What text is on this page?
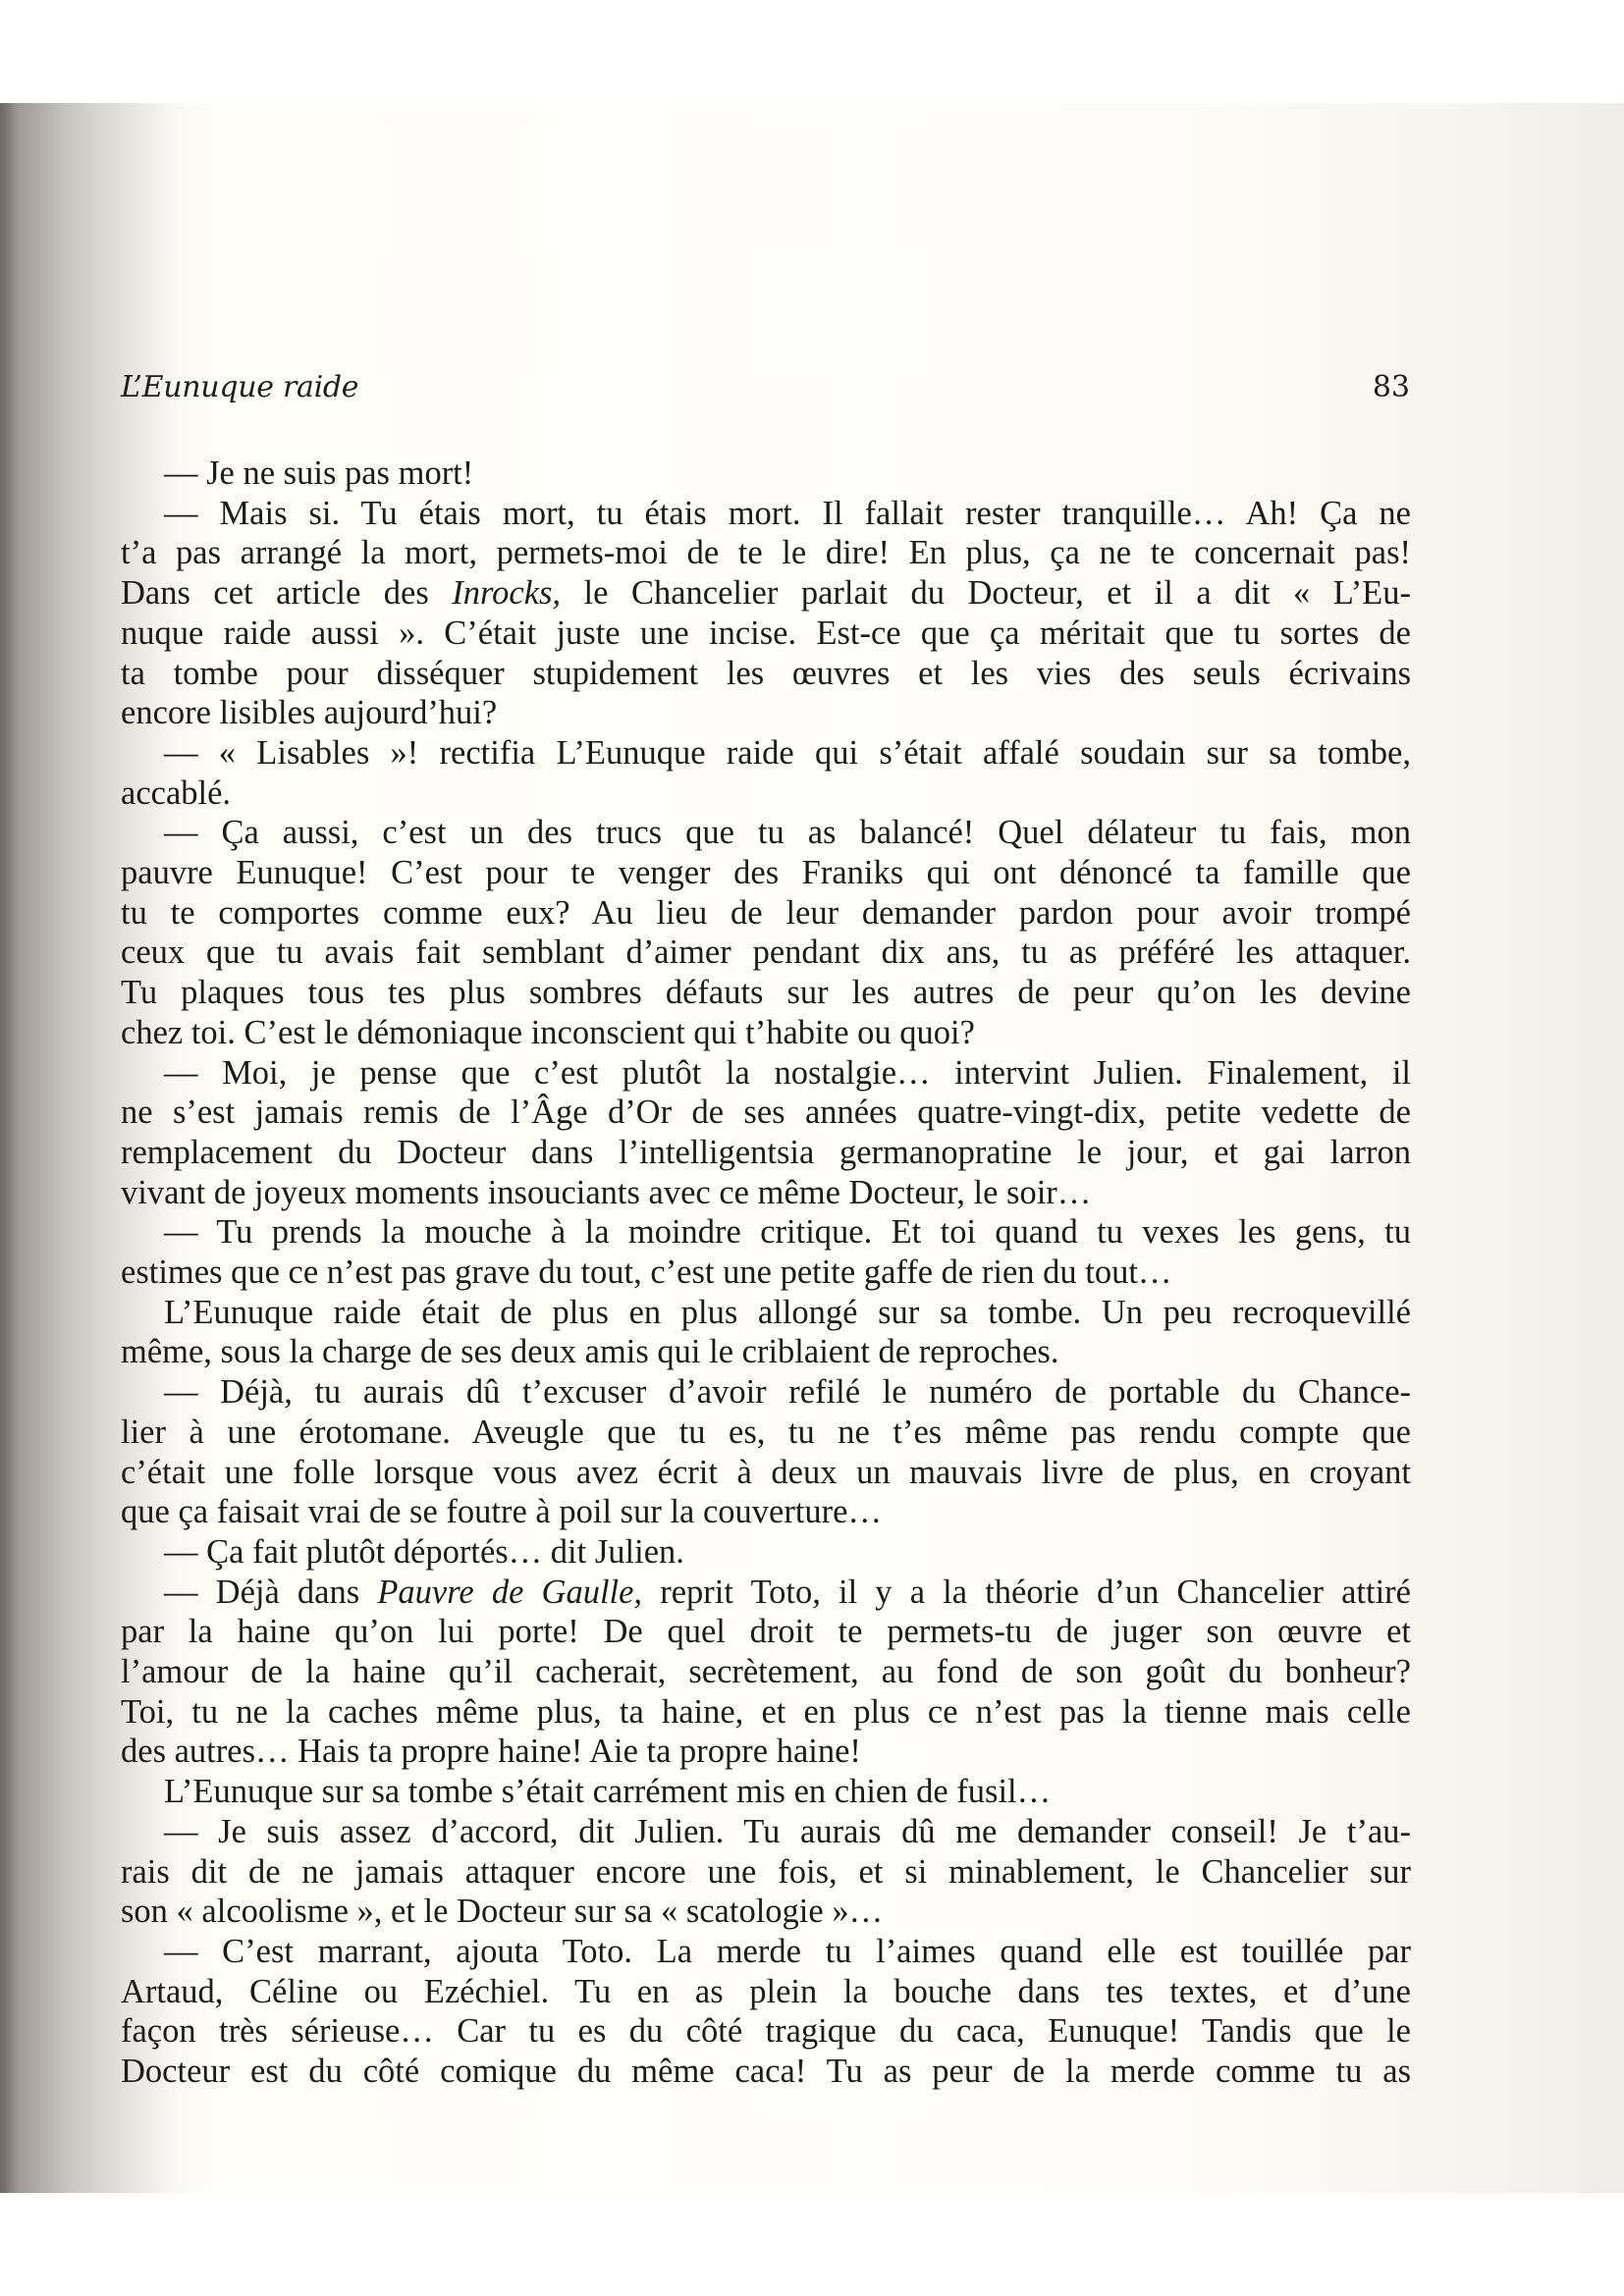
L’Eunuque raide	83
— Je ne suis pas mort!
— Mais si. Tu étais mort, tu étais mort. Il fallait rester tranquille… Ah! Ça ne
t’a pas arrangé la mort, permets-moi de te le dire! En plus, ça ne te concernait pas!
Dans cet article des Inrocks, le Chancelier parlait du Docteur, et il a dit « L’Eu-
nuque raide aussi ». C’était juste une incise. Est-ce que ça méritait que tu sortes de
ta tombe pour disséquer stupidement les œuvres et les vies des seuls écrivains
encore lisibles aujourd’hui?
— « Lisables »! rectifia L’Eunuque raide qui s’était affalé soudain sur sa tombe,
accablé.
— Ça aussi, c’est un des trucs que tu as balancé! Quel délateur tu fais, mon
pauvre Eunuque! C’est pour te venger des Franiks qui ont dénoncé ta famille que
tu te comportes comme eux? Au lieu de leur demander pardon pour avoir trompé
ceux que tu avais fait semblant d’aimer pendant dix ans, tu as préféré les attaquer.
Tu plaques tous tes plus sombres défauts sur les autres de peur qu’on les devine
chez toi. C’est le démoniaque inconscient qui t’habite ou quoi?
— Moi, je pense que c’est plutôt la nostalgie… intervint Julien. Finalement, il
ne s’est jamais remis de l’Âge d’Or de ses années quatre-vingt-dix, petite vedette de
remplacement du Docteur dans l’intelligentsia germanopratine le jour, et gai larron
vivant de joyeux moments insouciants avec ce même Docteur, le soir…
— Tu prends la mouche à la moindre critique. Et toi quand tu vexes les gens, tu
estimes que ce n’est pas grave du tout, c’est une petite gaffe de rien du tout…
L’Eunuque raide était de plus en plus allongé sur sa tombe. Un peu recroquevillé
même, sous la charge de ses deux amis qui le criblaient de reproches.
— Déjà, tu aurais dû t’excuser d’avoir refilé le numéro de portable du Chance-
lier à une érotomane. Aveugle que tu es, tu ne t’es même pas rendu compte que
c’était une folle lorsque vous avez écrit à deux un mauvais livre de plus, en croyant
que ça faisait vrai de se foutre à poil sur la couverture…
— Ça fait plutôt déportés… dit Julien.
— Déjà dans Pauvre de Gaulle, reprit Toto, il y a la théorie d’un Chancelier attiré
par la haine qu’on lui porte! De quel droit te permets-tu de juger son œuvre et
l’amour de la haine qu’il cacherait, secrètement, au fond de son goût du bonheur?
Toi, tu ne la caches même plus, ta haine, et en plus ce n’est pas la tienne mais celle
des autres… Hais ta propre haine! Aie ta propre haine!
L’Eunuque sur sa tombe s’était carrément mis en chien de fusil…
— Je suis assez d’accord, dit Julien. Tu aurais dû me demander conseil! Je t’au-
rais dit de ne jamais attaquer encore une fois, et si minablement, le Chancelier sur
son « alcoolisme », et le Docteur sur sa « scatologie »…
— C’est marrant, ajouta Toto. La merde tu l’aimes quand elle est touillée par
Artaud, Céline ou Ezéchiel. Tu en as plein la bouche dans tes textes, et d’une
façon très sérieuse… Car tu es du côté tragique du caca, Eunuque! Tandis que le
Docteur est du côté comique du même caca! Tu as peur de la merde comme tu as
